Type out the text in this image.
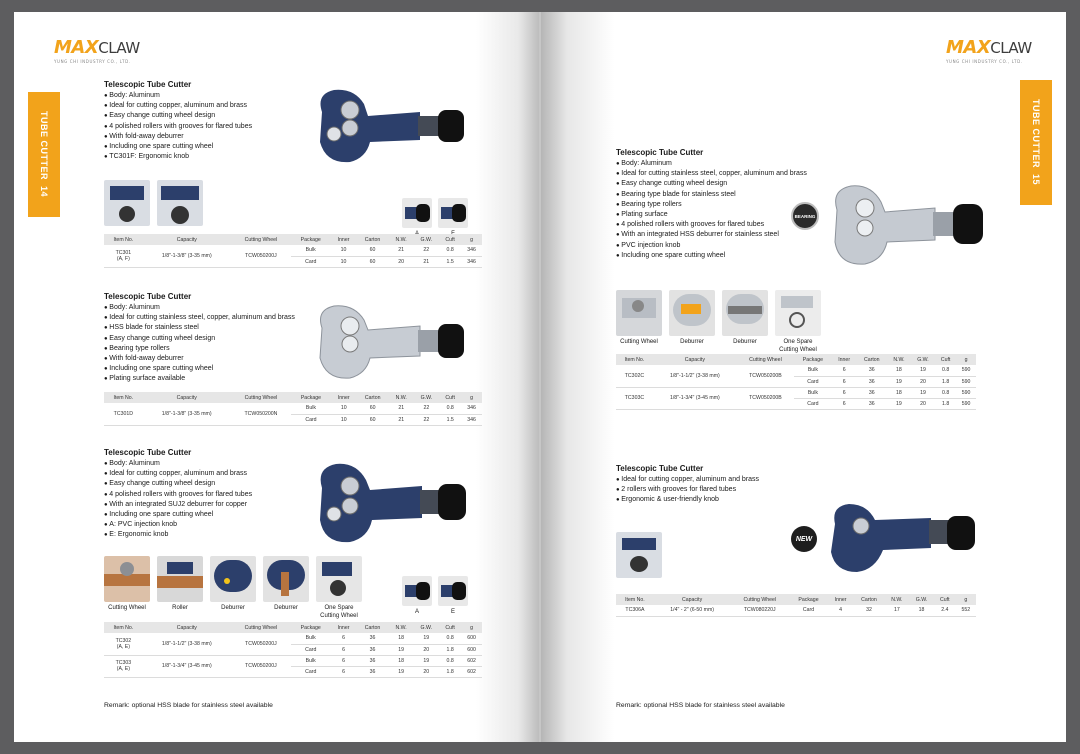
MAXCLAW
YUNG CHI INDUSTRY CO., LTD.
TUBE CUTTER  14
Telescopic Tube Cutter
● Body: Aluminum
● Ideal for cutting copper, aluminum and brass
● Easy change cutting wheel design
● 4 polished rollers with grooves for flared tubes
● With fold-away deburrer
● Including one spare cutting wheel
● TC301F: Ergonomic knob
Item No.	Capacity	Cutting Wheel	Package	Inner	Carton	N.W.	G.W.	Cuft	g
TC301
(A, F)	1/8"-1-3/8" (3-35 mm)	TCW050200J	Bulk	10	60	21	22	0.8	346
			Card	10	60	20	21	1.5	346
Telescopic Tube Cutter
● Body: Aluminum
● Ideal for cutting stainless steel, copper, aluminum and brass
● HSS blade for stainless steel
● Easy change cutting wheel design
● Bearing type rollers
● With fold-away deburrer
● Including one spare cutting wheel
● Plating surface available
Item No.	Capacity	Cutting Wheel	Package	Inner	Carton	N.W.	G.W.	Cuft	g
TC301D	1/8"-1-3/8" (3-35 mm)	TCW050200N	Bulk	10	60	21	22	0.8	346
			Card	10	60	21	22	1.5	346
Telescopic Tube Cutter
● Body: Aluminum
● Ideal for cutting copper, aluminum and brass
● Easy change cutting wheel design
● 4 polished rollers with grooves for flared tubes
● With an integrated SUJ2 deburrer for copper
● Including one spare cutting wheel
● A: PVC injection knob
● E: Ergonomic knob
Cutting Wheel	Roller	Deburrer	Deburrer	One Spare Cutting Wheel
A	E
Item No.	Capacity	Cutting Wheel	Package	Inner	Carton	N.W.	G.W.	Cuft	g
TC302
(A, E)	1/8"-1-1/2" (3-38 mm)	TCW050200J	Bulk	6	36	18	19	0.8	600
			Card	6	36	19	20	1.8	600
TC303
(A, E)	1/8"-1-3/4" (3-45 mm)	TCW050200J	Bulk	6	36	18	19	0.8	602
			Card	6	36	19	20	1.8	602
Remark: optional HSS blade for stainless steel available
MAXCLAW
YUNG CHI INDUSTRY CO., LTD.
TUBE CUTTER  15
Telescopic Tube Cutter
● Body: Aluminum
● Ideal for cutting stainless steel, copper, aluminum and brass
● Easy change cutting wheel design
● Bearing type blade for stainless steel
● Bearing type rollers
● Plating surface
● 4 polished rollers with grooves for flared tubes
● With an integrated HSS deburrer for stainless steel
● PVC injection knob
● Including one spare cutting wheel
BEARING
Cutting Wheel	Deburrer	Deburrer	One Spare Cutting Wheel
Item No.	Capacity	Cutting Wheel	Package	Inner	Carton	N.W.	G.W.	Cuft	g
TC302C	1/8"-1-1/2" (3-38 mm)	TCW050200B	Bulk	6	36	18	19	0.8	590
			Card	6	36	19	20	1.8	590
TC303C	1/8"-1-3/4" (3-45 mm)	TCW050200B	Bulk	6	36	18	19	0.8	590
			Card	6	36	19	20	1.8	590
Telescopic Tube Cutter
● Ideal for cutting copper, aluminum and brass
● 2 rollers with grooves for flared tubes
● Ergonomic & user-friendly knob
NEW
Item No.	Capacity	Cutting Wheel	Package	Inner	Carton	N.W.	G.W.	Cuft	g
TC306A	1/4" - 2" (6-50 mm)	TCW080220J	Card	4	32	17	18	2.4	552
Remark: optional HSS blade for stainless steel available
